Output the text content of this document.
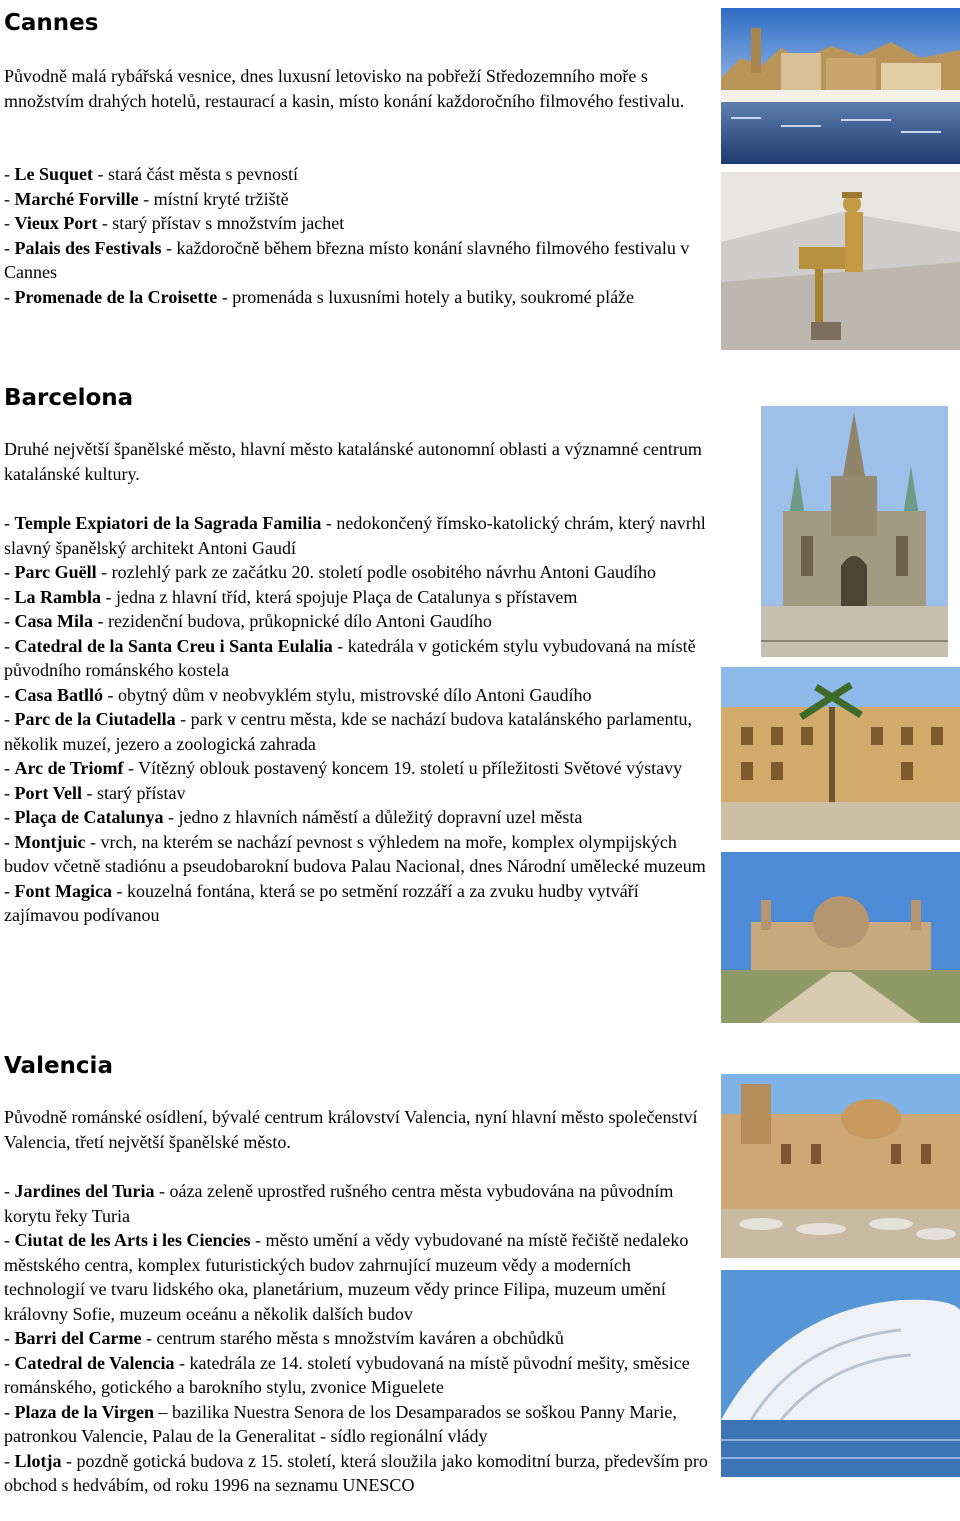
Cannes

Původně malá rybářská vesnice, dnes luxusní letovisko na pobřeží Středozemního moře s množstvím drahých hotelů, restaurací a kasin, místo konání každoročního filmového festivalu.

- Le Suquet - stará část města s pevností
- Marché Forville - místní kryté tržiště
- Vieux Port - starý přístav s množstvím jachet
- Palais des Festivals - každoročně během března místo konání slavného filmového festivalu v Cannes
- Promenade de la Croisette - promenáda s luxusními hotely a butiky, soukromé pláže
Barcelona

Druhé největší španělské město, hlavní město katalánské autonomní oblasti a významné centrum katalánské kultury.

- Temple Expiatori de la Sagrada Familia - nedokončený římsko-katolický chrám, který navrhl slavný španělský architekt Antoni Gaudí
- Parc Guëll - rozlehlý park ze začátku 20. století podle osobitého návrhu Antoni Gaudího
- La Rambla - jedna z hlavní tříd, která spojuje Plaça de Catalunya s přístavem
- Casa Mila - rezidenční budova, průkopnické dílo Antoni Gaudího
- Catedral de la Santa Creu i Santa Eulalia - katedrála v gotickém stylu vybudovaná na místě původního románského kostela
- Casa Batlló - obytný dům v neobvyklém stylu, mistrovské dílo Antoni Gaudího
- Parc de la Ciutadella - park v centru města, kde se nachází budova katalánského parlamentu, několik muzeí, jezero a zoologická zahrada
- Arc de Triomf - Vítězný oblouk postavený koncem 19. století u příležitosti Světové výstavy
- Port Vell - starý přístav
- Plaça de Catalunya - jedno z hlavních náměstí a důležitý dopravní uzel města
- Montjuic - vrch, na kterém se nachází pevnost s výhledem na moře, komplex olympijských budov včetně stadiónu a pseudobarokní budova Palau Nacional, dnes Národní umělecké muzeum
- Font Magica - kouzelná fontána, která se po setmění rozzáří a za zvuku hudby vytváří zajímavou podívanou
Valencia

Původně románské osídlení, bývalé centrum království Valencia, nyní hlavní město společenství Valencia, třetí největší španělské město.

- Jardines del Turia - oáza zeleně uprostřed rušného centra města vybudována na původním korytu řeky Turia
- Ciutat de les Arts i les Ciencies - město umění a vědy vybudované na místě řečiště nedaleko městského centra, komplex futuristických budov zahrnující muzeum vědy a moderních technologií ve tvaru lidského oka, planetárium, muzeum vědy prince Filipa, muzeum umění královny Sofie, muzeum oceánu a několik dalších budov
- Barri del Carme - centrum starého města s množstvím kaváren a obchůdků
- Catedral de Valencia - katedrála ze 14. století vybudovaná na místě původní mešity, směsice románského, gotického a barokního stylu, zvonice Miguelete
- Plaza de la Virgen – bazilika Nuestra Senora de los Desamparados se soškou Panny Marie, patronkou Valencie, Palau de la Generalitat - sídlo regionální vlády
- Llotja - pozdně gotická budova z 15. století, která sloužila jako komoditní burza, především pro obchod s hedvábím, od roku 1996 na seznamu UNESCO
